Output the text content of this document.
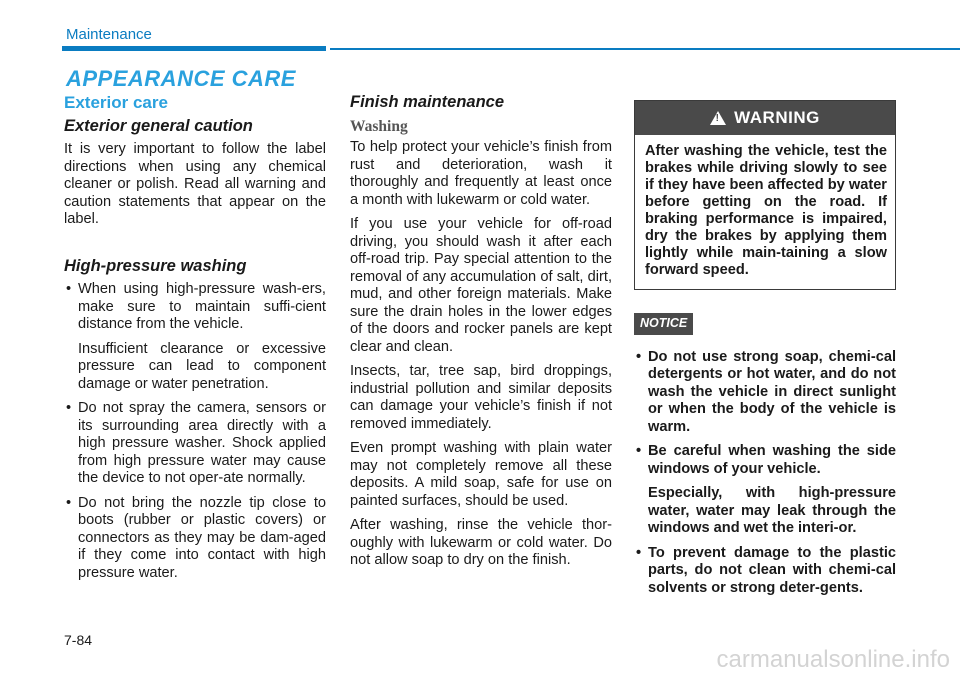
Maintenance
APPEARANCE CARE
Exterior care
Exterior general caution

It is very important to follow the label directions when using any chemical cleaner or polish. Read all warning and caution statements that appear on the label.

High-pressure washing
• When using high-pressure wash-ers, make sure to maintain suffi-cient distance from the vehicle.

Insufficient clearance or excessive pressure can lead to component damage or water penetration.

• Do not spray the camera, sensors or its surrounding area directly with a high pressure washer. Shock applied from high pressure water may cause the device to not oper-ate normally.
• Do not bring the nozzle tip close to boots (rubber or plastic covers) or connectors as they may be dam-aged if they come into contact with high pressure water.
Finish maintenance
Washing

To help protect your vehicle’s finish from rust and deterioration, wash it thoroughly and frequently at least once a month with lukewarm or cold water.

If you use your vehicle for off-road driving, you should wash it after each off-road trip. Pay special attention to the removal of any accumulation of salt, dirt, mud, and other foreign materials. Make sure the drain holes in the lower edges of the doors and rocker panels are kept clear and clean.

Insects, tar, tree sap, bird droppings, industrial pollution and similar deposits can damage your vehicle’s finish if not removed immediately.

Even prompt washing with plain water may not completely remove all these deposits. A mild soap, safe for use on painted surfaces, should be used.

After washing, rinse the vehicle thor-oughly with lukewarm or cold water. Do not allow soap to dry on the finish.

!
WARNING
After washing the vehicle, test the brakes while driving slowly to see if they have been affected by water before getting on the road. If braking performance is impaired, dry the brakes by applying them lightly while main-taining a slow forward speed.
NOTICE
• Do not use strong soap, chemi-cal detergents or hot water, and do not wash the vehicle in direct sunlight or when the body of the vehicle is warm.
• Be careful when washing the side windows of your vehicle.

Especially, with high-pressure water, water may leak through the windows and wet the interi-or.

• To prevent damage to the plastic parts, do not clean with chemi-cal solvents or strong deter-gents.
7-84
carmanualsonline.info
